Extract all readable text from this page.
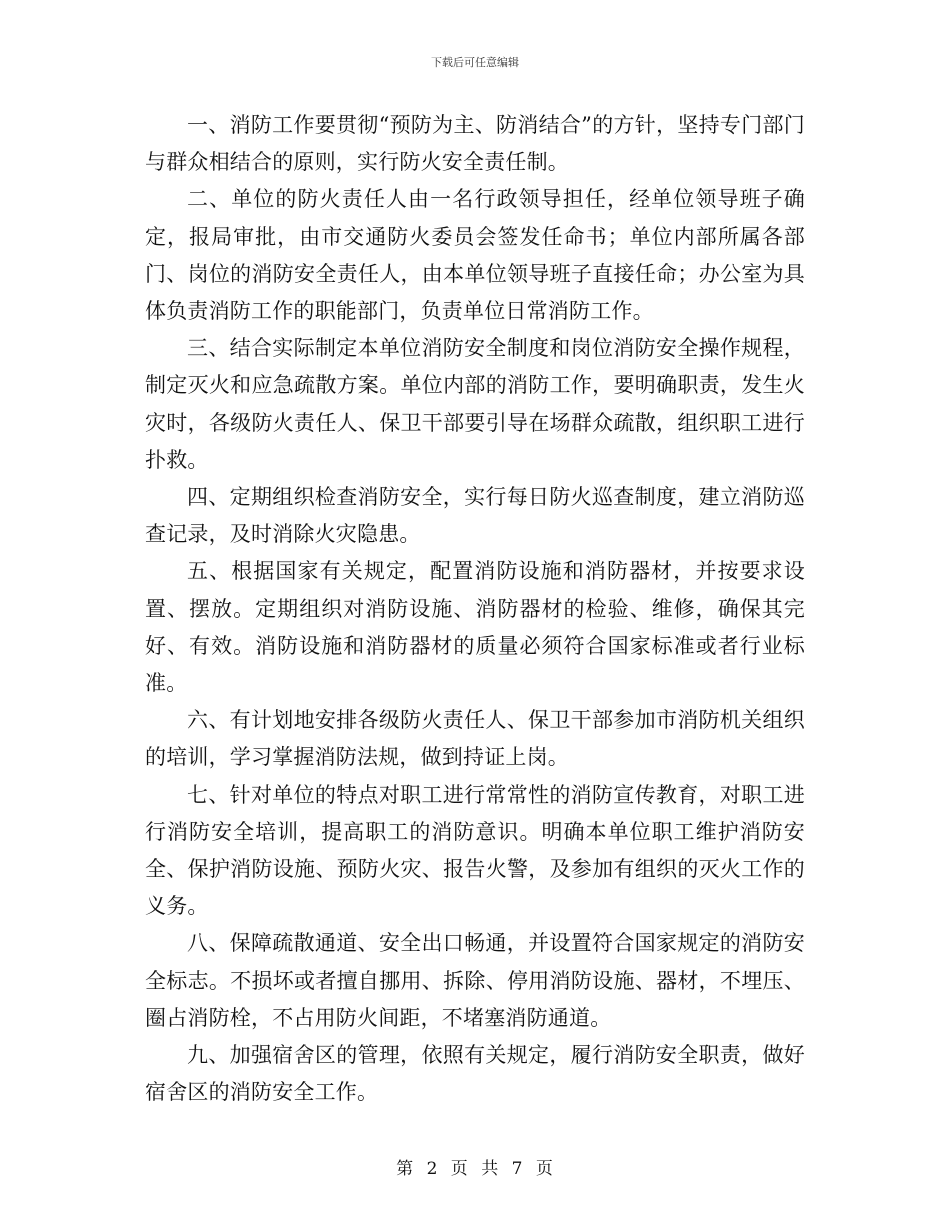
下载后可任意编辑

一、消防工作要贯彻“预防为主、防消结合”的方针，坚持专门部门与群众相结合的原则，实行防火安全责任制。

二、单位的防火责任人由一名行政领导担任，经单位领导班子确定，报局审批，由市交通防火委员会签发任命书；单位内部所属各部门、岗位的消防安全责任人，由本单位领导班子直接任命；办公室为具体负责消防工作的职能部门，负责单位日常消防工作。

三、结合实际制定本单位消防安全制度和岗位消防安全操作规程，制定灭火和应急疏散方案。单位内部的消防工作，要明确职责，发生火灾时，各级防火责任人、保卫干部要引导在场群众疏散，组织职工进行扑救。

四、定期组织检查消防安全，实行每日防火巡查制度，建立消防巡查记录，及时消除火灾隐患。

五、根据国家有关规定，配置消防设施和消防器材，并按要求设置、摆放。定期组织对消防设施、消防器材的检验、维修，确保其完好、有效。消防设施和消防器材的质量必须符合国家标准或者行业标准。

六、有计划地安排各级防火责任人、保卫干部参加市消防机关组织的培训，学习掌握消防法规，做到持证上岗。

七、针对单位的特点对职工进行常常性的消防宣传教育，对职工进行消防安全培训，提高职工的消防意识。明确本单位职工维护消防安全、保护消防设施、预防火灾、报告火警，及参加有组织的灭火工作的义务。

八、保障疏散通道、安全出口畅通，并设置符合国家规定的消防安全标志。不损坏或者擅自挪用、拆除、停用消防设施、器材，不埋压、圈占消防栓，不占用防火间距，不堵塞消防通道。

九、加强宿舍区的管理，依照有关规定，履行消防安全职责，做好宿舍区的消防安全工作。

第 2 页 共 7 页
